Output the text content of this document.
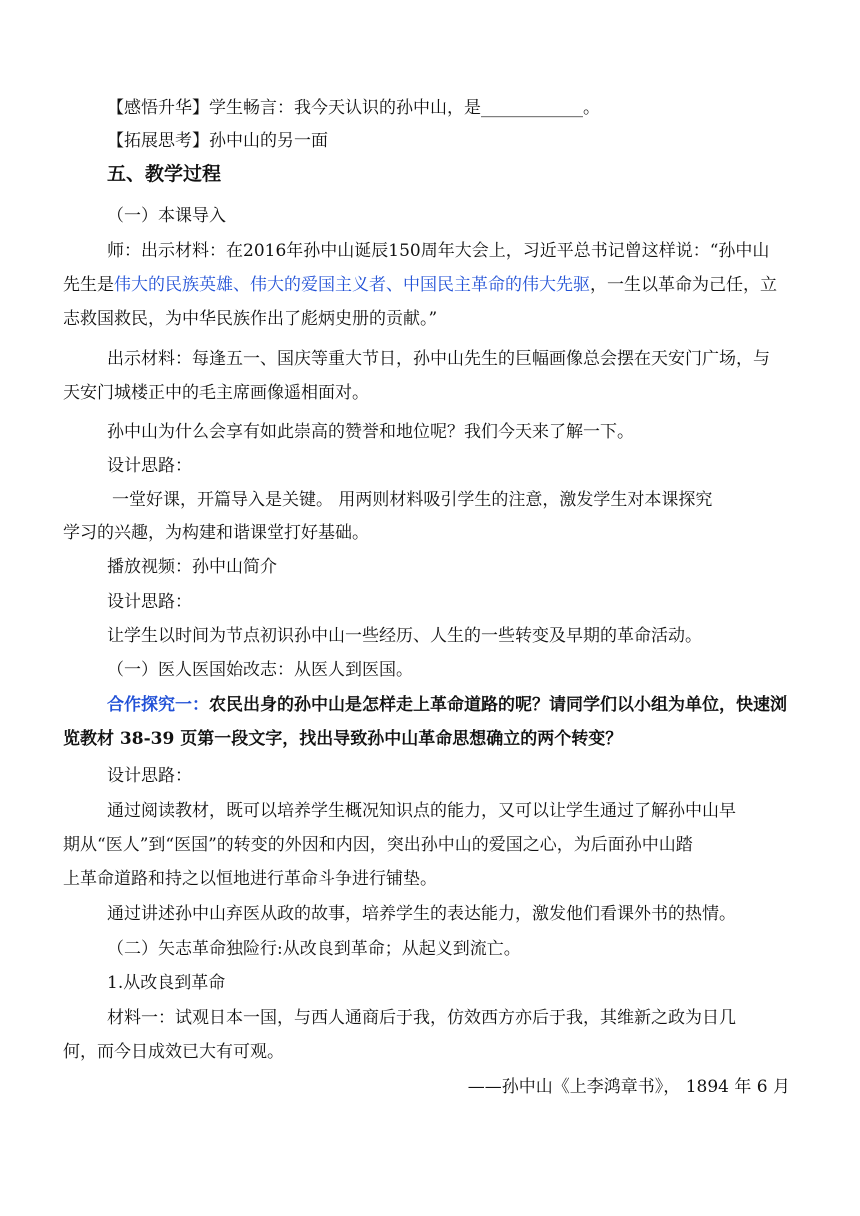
【感悟升华】学生畅言：我今天认识的孙中山，是____________。
【拓展思考】孙中山的另一面
五、教学过程
（一）本课导入
师：出示材料：在2016年孙中山诞辰150周年大会上，习近平总书记曾这样说：“孙中山
先生是伟大的民族英雄、伟大的爱国主义者、中国民主革命的伟大先驱，一生以革命为己任，立
志救国救民，为中华民族作出了彪炳史册的贡献。”
出示材料：每逢五一、国庆等重大节日，孙中山先生的巨幅画像总会摆在天安门广场，与
天安门城楼正中的毛主席画像遥相面对。
孙中山为什么会享有如此崇高的赞誉和地位呢？我们今天来了解一下。
设计思路：
一堂好课，开篇导入是关键。 用两则材料吸引学生的注意，激发学生对本课探究
学习的兴趣，为构建和谐课堂打好基础。
播放视频：孙中山简介
设计思路：
让学生以时间为节点初识孙中山一些经历、人生的一些转变及早期的革命活动。
（一）医人医国始改志：从医人到医国。
合作探究一：农民出身的孙中山是怎样走上革命道路的呢？请同学们以小组为单位，快速浏
览教材 38-39 页第一段文字，找出导致孙中山革命思想确立的两个转变？
设计思路：
通过阅读教材，既可以培养学生概况知识点的能力，又可以让学生通过了解孙中山早
期从“医人”到“医国”的转变的外因和内因，突出孙中山的爱国之心，为后面孙中山踏
上革命道路和持之以恒地进行革命斗争进行铺垫。
通过讲述孙中山弃医从政的故事，培养学生的表达能力，激发他们看课外书的热情。
（二）矢志革命独险行:从改良到革命；从起义到流亡。
1.从改良到革命
材料一：试观日本一国，与西人通商后于我，仿效西方亦后于我，其维新之政为日几
何，而今日成效已大有可观。
——孙中山《上李鸿章书》， 1894 年 6 月
